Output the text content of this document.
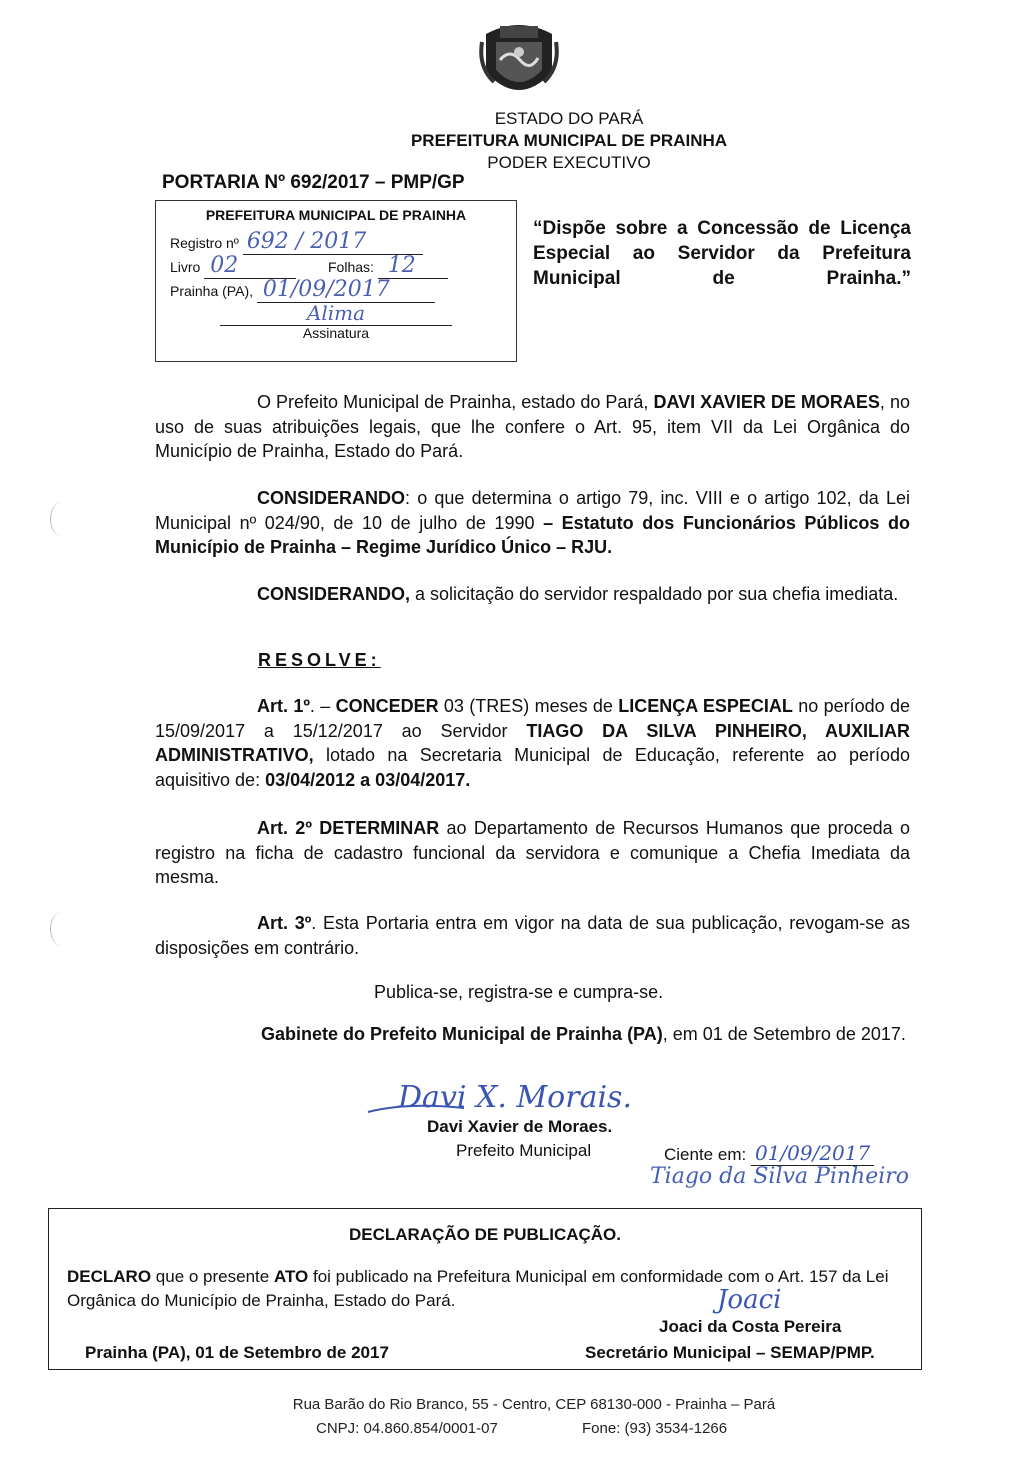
ESTADO DO PARÁ
PREFEITURA MUNICIPAL DE PRAINHA
PODER EXECUTIVO
PORTARIA Nº 692/2017 – PMP/GP
PREFEITURA MUNICIPAL DE PRAINHA
Registro nº 692 / 2017
Livro 02	Folhas: 12
Prainha (PA), 01/09/2017
Alima
Assinatura
“Dispõe sobre a Concessão de Licença Especial ao Servidor da Prefeitura Municipal de Prainha.”
O Prefeito Municipal de Prainha, estado do Pará, DAVI XAVIER DE MORAES, no uso de suas atribuições legais, que lhe confere o Art. 95, item VII da Lei Orgânica do Município de Prainha, Estado do Pará.
CONSIDERANDO: o que determina o artigo 79, inc. VIII e o artigo 102, da Lei Municipal nº 024/90, de 10 de julho de 1990 – Estatuto dos Funcionários Públicos do Município de Prainha – Regime Jurídico Único – RJU.
CONSIDERANDO, a solicitação do servidor respaldado por sua chefia imediata.
RESOLVE:
Art. 1º. – CONCEDER 03 (TRES) meses de LICENÇA ESPECIAL no período de 15/09/2017 a 15/12/2017 ao Servidor TIAGO DA SILVA PINHEIRO, AUXILIAR ADMINISTRATIVO, lotado na Secretaria Municipal de Educação, referente ao período aquisitivo de: 03/04/2012 a 03/04/2017.
Art. 2º DETERMINAR ao Departamento de Recursos Humanos que proceda o registro na ficha de cadastro funcional da servidora e comunique a Chefia Imediata da mesma.
Art. 3º. Esta Portaria entra em vigor na data de sua publicação, revogam-se as disposições em contrário.
Publica-se, registra-se e cumpra-se.
Gabinete do Prefeito Municipal de Prainha (PA), em 01 de Setembro de 2017.
Davi X. Morais.
Davi Xavier de Moraes.
Prefeito Municipal	Ciente em: 01/09/2017
Tiago da Silva Pinheiro
DECLARAÇÃO DE PUBLICAÇÃO.
DECLARO que o presente ATO foi publicado na Prefeitura Municipal em conformidade com o Art. 157 da Lei Orgânica do Município de Prainha, Estado do Pará.	Joaci
Joaci da Costa Pereira
Prainha (PA), 01 de Setembro de 2017	Secretário Municipal – SEMAP/PMP.
Rua Barão do Rio Branco, 55 - Centro, CEP 68130-000 - Prainha – Pará
CNPJ: 04.860.854/0001-07	Fone: (93) 3534-1266
